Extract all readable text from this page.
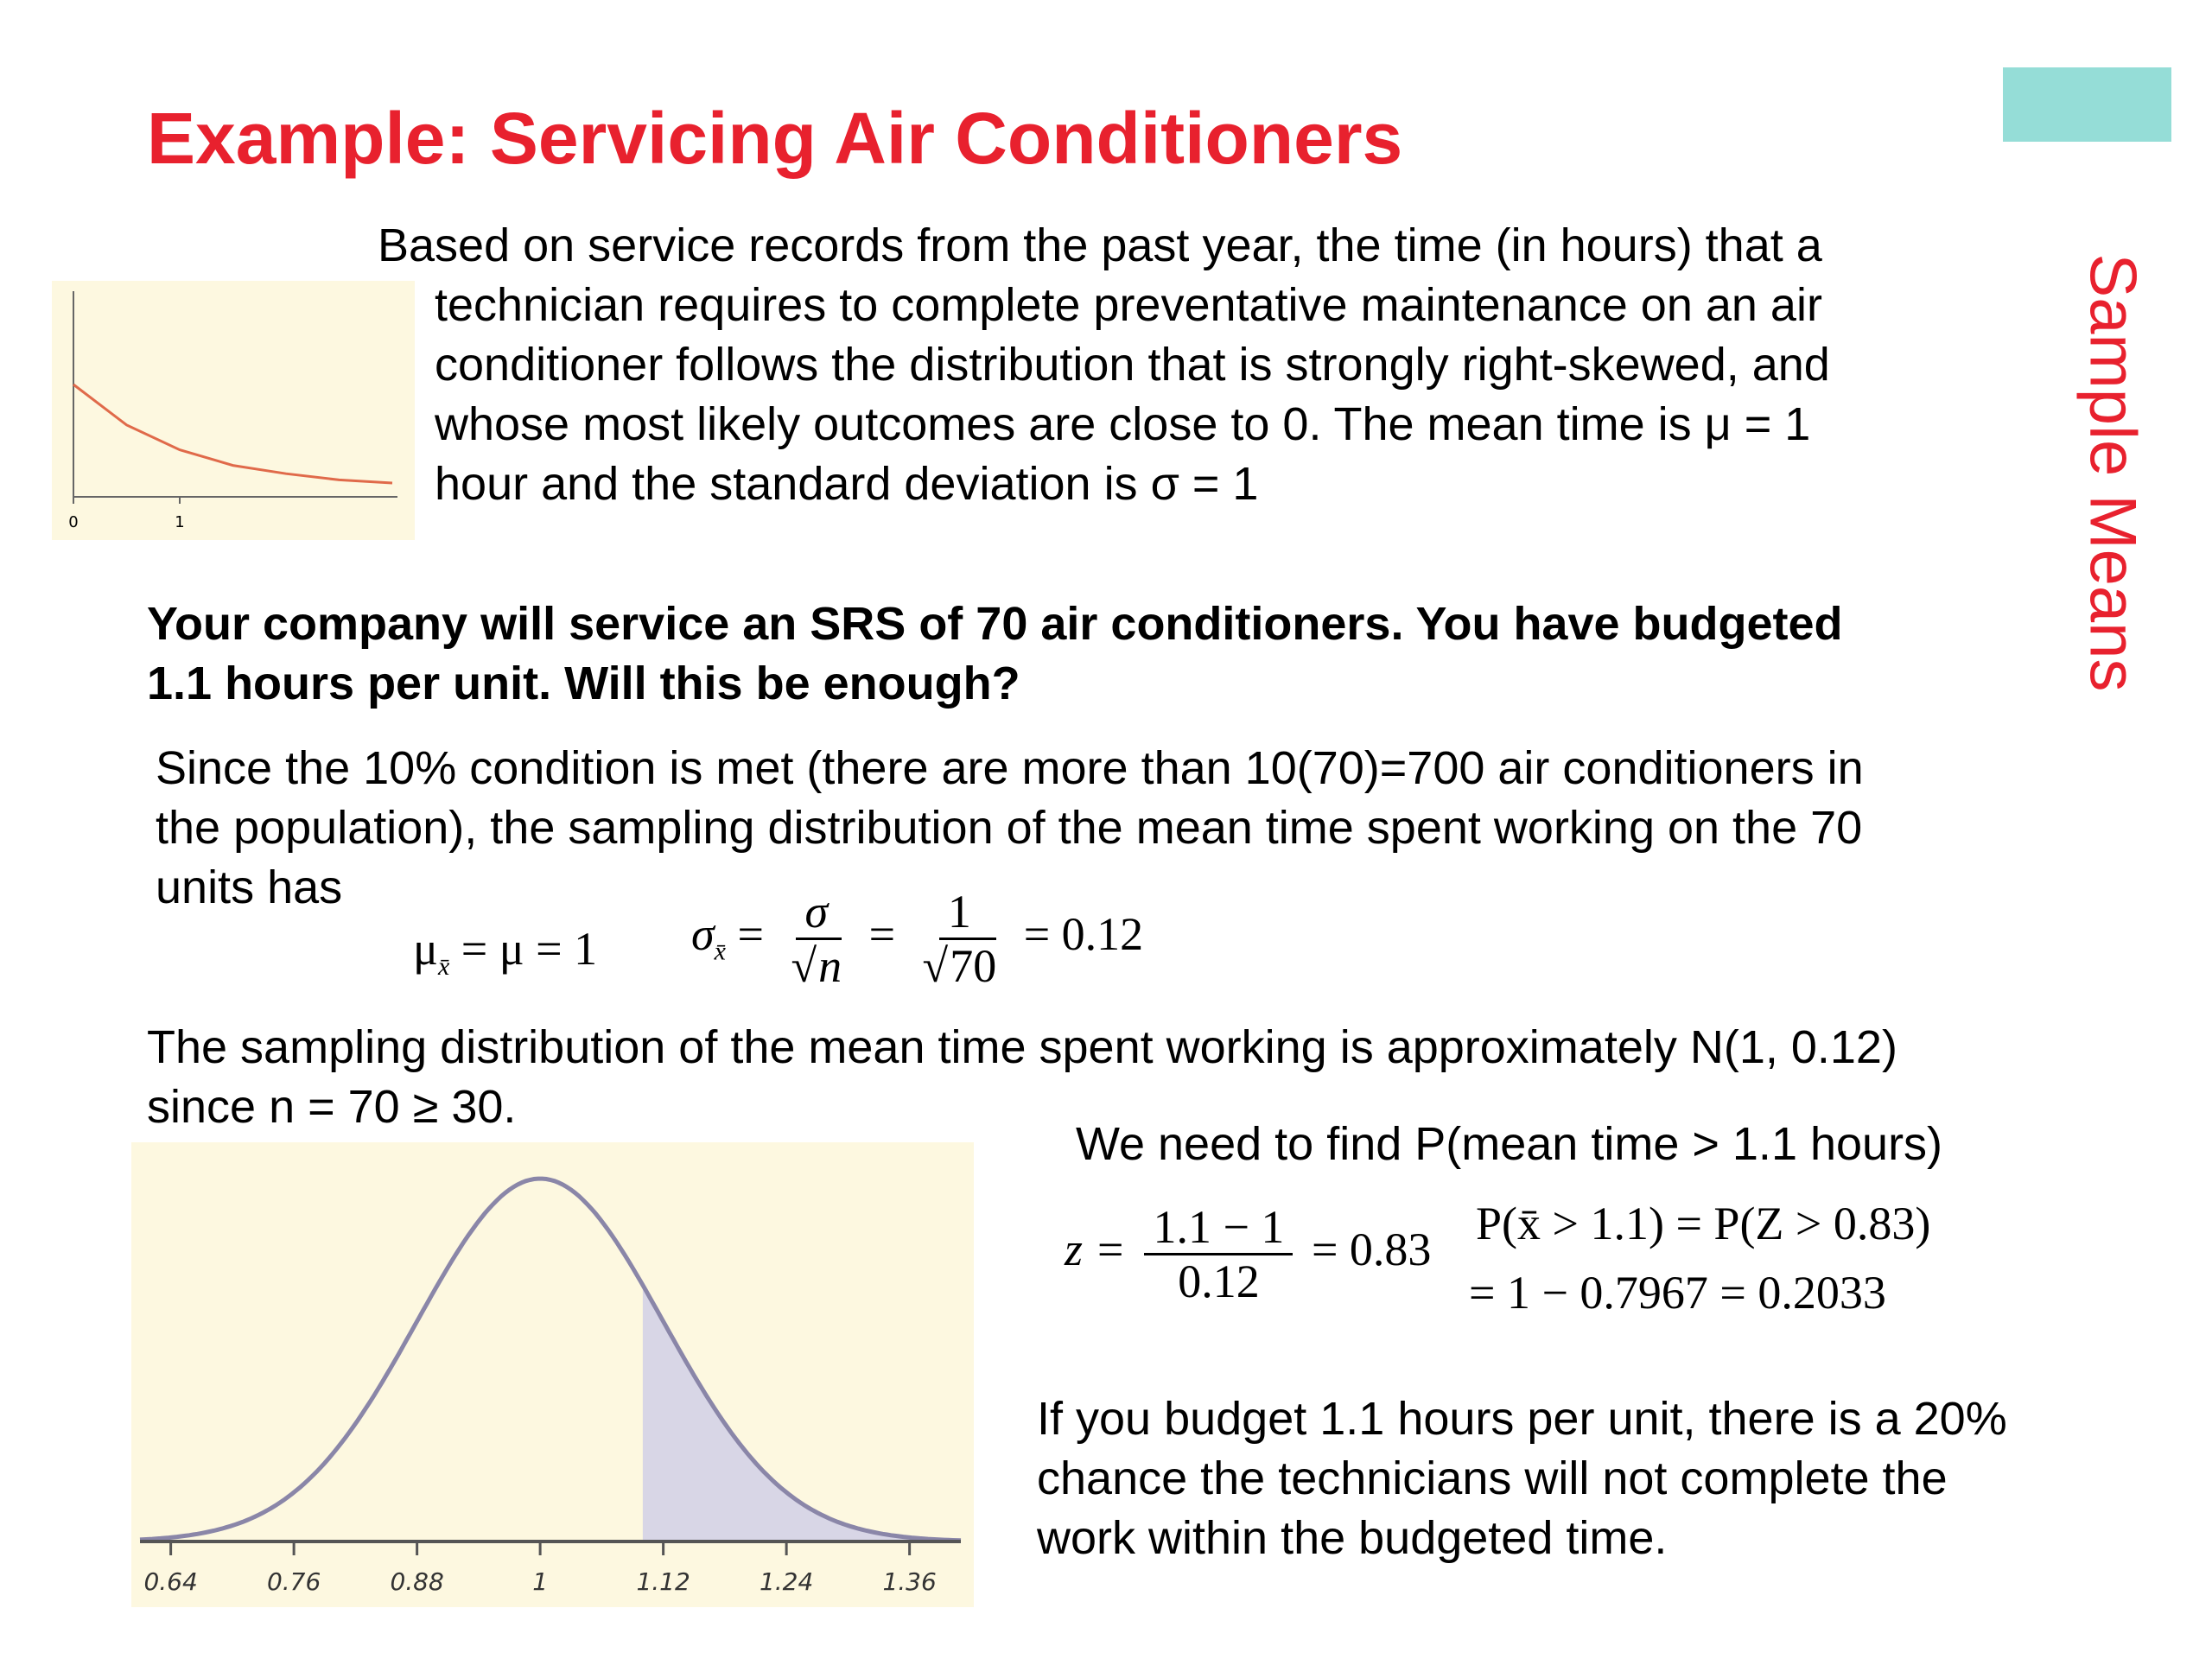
Example: Servicing Air Conditioners
Sample Means
0	1
Based on service records from the past year, the time (in hours) that a
technician requires to complete preventative maintenance on an air
conditioner follows the distribution that is strongly right-skewed, and
whose most likely outcomes are close to 0. The mean time is μ = 1
hour and the standard deviation is σ = 1
Your company will service an SRS of 70 air conditioners. You have budgeted
1.1 hours per unit. Will this be enough?
Since the 10% condition is met (there are more than 10(70)=700 air conditioners in
the population), the sampling distribution of the mean time spent working on the 70
units has
$\mu_{x̄} = \mu = 1$ $\sigma_{x̄} = \frac{\sigma}{√n} = \frac{1}{√70} = 0.12$
The sampling distribution of the mean time spent working is approximately N(1, 0.12)
since n = 70 ≥ 30.
0.64	0.76	0.88	1	1.12	1.24	1.36
We need to find P(mean time > 1.1 hours)
$z = \frac{1.1 - 1}{0.12} = 0.83$ P(x̄ > 1.1) = P(Z > 0.83)
= 1 − 0.7967 = 0.2033
If you budget 1.1 hours per unit, there is a 20%
chance the technicians will not complete the
work within the budgeted time.
